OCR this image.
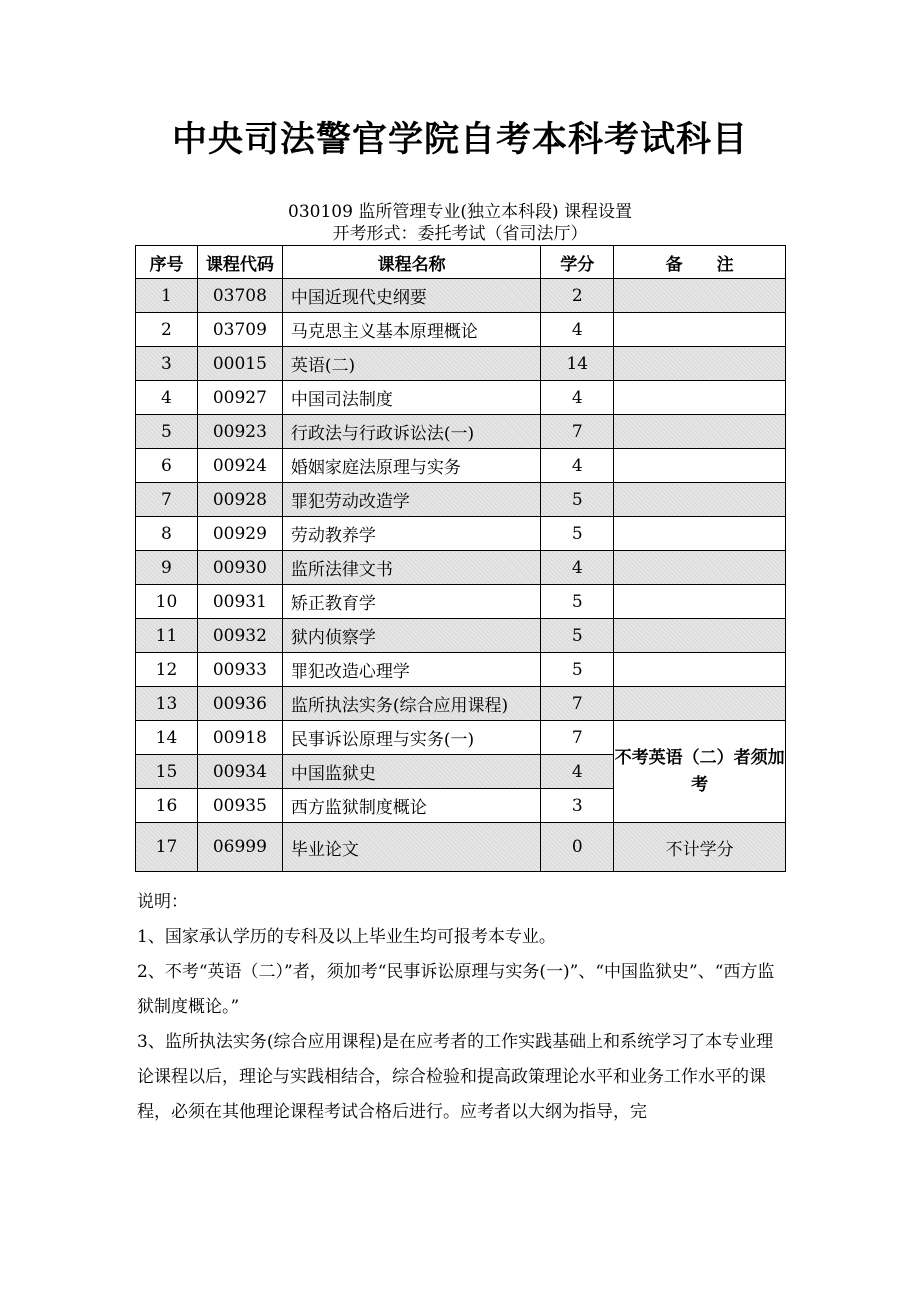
中央司法警官学院自考本科考试科目
030109 监所管理专业(独立本科段) 课程设置
开考形式：委托考试（省司法厅）
序号	课程代码	课程名称	学分	备　　注
1	03708	中国近现代史纲要	2	
2	03709	马克思主义基本原理概论	4	
3	00015	英语(二)	14	
4	00927	中国司法制度	4	
5	00923	行政法与行政诉讼法(一)	7	
6	00924	婚姻家庭法原理与实务	4	
7	00928	罪犯劳动改造学	5	
8	00929	劳动教养学	5	
9	00930	监所法律文书	4	
10	00931	矫正教育学	5	
11	00932	狱内侦察学	5	
12	00933	罪犯改造心理学	5	
13	00936	监所执法实务(综合应用课程)	7	
14	00918	民事诉讼原理与实务(一)	7	不考英语（二）者须加考
15	00934	中国监狱史	4	
16	00935	西方监狱制度概论	3	
17	06999	毕业论文	0	不计学分

说明：

1、国家承认学历的专科及以上毕业生均可报考本专业。

2、不考“英语（二）”者，须加考“民事诉讼原理与实务(一)”、“中国监狱史”、“西方监狱制度概论。”

3、监所执法实务(综合应用课程)是在应考者的工作实践基础上和系统学习了本专业理论课程以后，理论与实践相结合，综合检验和提高政策理论水平和业务工作水平的课程，必须在其他理论课程考试合格后进行。应考者以大纲为指导，完
